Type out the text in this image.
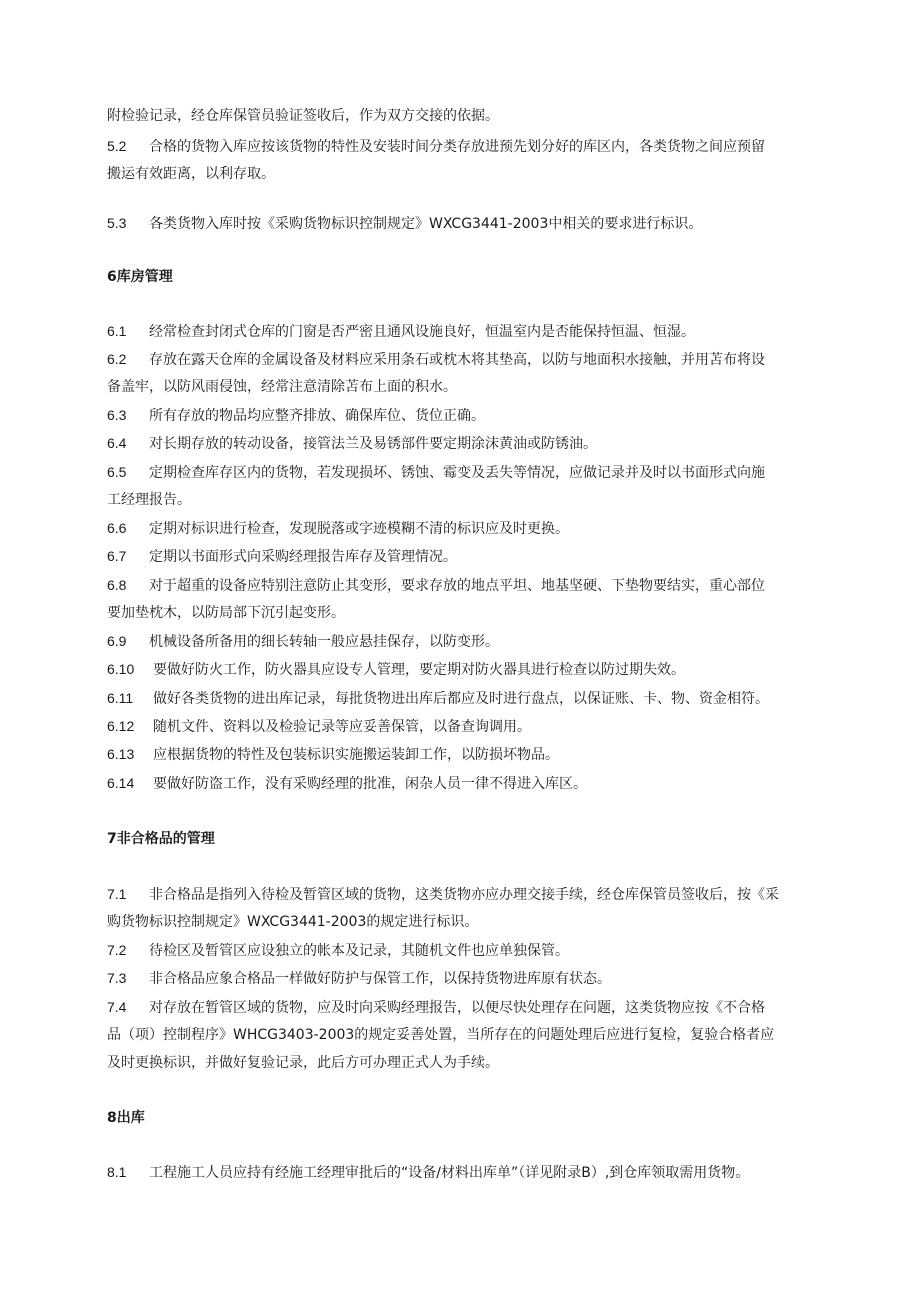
附检验记录，经仓库保管员验证签收后，作为双方交接的依据。
5.2 合格的货物入库应按该货物的特性及安装时间分类存放进预先划分好的库区内，各类货物之间应预留
搬运有效距离，以利存取。
5.3 各类货物入库时按《采购货物标识控制规定》WXCG3441-2003中相关的要求进行标识。
6库房管理
6.1 经常检查封闭式仓库的门窗是否严密且通风设施良好，恒温室内是否能保持恒温、恒湿。
6.2 存放在露天仓库的金属设备及材料应采用条石或枕木将其垫高，以防与地面积水接触，并用苫布将设
备盖牢，以防风雨侵蚀，经常注意清除苫布上面的积水。
6.3 所有存放的物品均应整齐排放、确保库位、货位正确。
6.4 对长期存放的转动设备，接管法兰及易锈部件要定期涂沫黄油或防锈油。
6.5 定期检查库存区内的货物，若发现损坏、锈蚀、霉变及丢失等情况，应做记录并及时以书面形式向施
工经理报告。
6.6 定期对标识进行检查，发现脱落或字迹模糊不清的标识应及时更换。
6.7 定期以书面形式向采购经理报告库存及管理情况。
6.8 对于超重的设备应特别注意防止其变形，要求存放的地点平坦、地基坚硬、下垫物要结实，重心部位
要加垫枕木，以防局部下沉引起变形。
6.9 机械设备所备用的细长转轴一般应悬挂保存，以防变形。
6.10 要做好防火工作，防火器具应设专人管理，要定期对防火器具进行检查以防过期失效。
6.11 做好各类货物的进出库记录，每批货物进出库后都应及时进行盘点，以保证账、卡、物、资金相符。
6.12 随机文件、资料以及检验记录等应妥善保管，以备查询调用。
6.13 应根据货物的特性及包装标识实施搬运装卸工作，以防损坏物品。
6.14 要做好防盗工作，没有采购经理的批准，闲杂人员一律不得进入库区。
7非合格品的管理
7.1 非合格品是指列入待检及暂管区域的货物，这类货物亦应办理交接手续，经仓库保管员签收后，按《采
购货物标识控制规定》WXCG3441-2003的规定进行标识。
7.2 待检区及暂管区应设独立的帐本及记录，其随机文件也应单独保管。
7.3 非合格品应象合格品一样做好防护与保管工作，以保持货物进库原有状态。
7.4 对存放在暂管区域的货物，应及时向采购经理报告，以便尽快处理存在问题，这类货物应按《不合格
品（项）控制程序》WHCG3403-2003的规定妥善处置，当所存在的问题处理后应进行复检，复验合格者应
及时更换标识，并做好复验记录，此后方可办理正式人为手续。
8出库
8.1 工程施工人员应持有经施工经理审批后的“设备/材料出库单”（详见附录B）,到仓库领取需用货物。
